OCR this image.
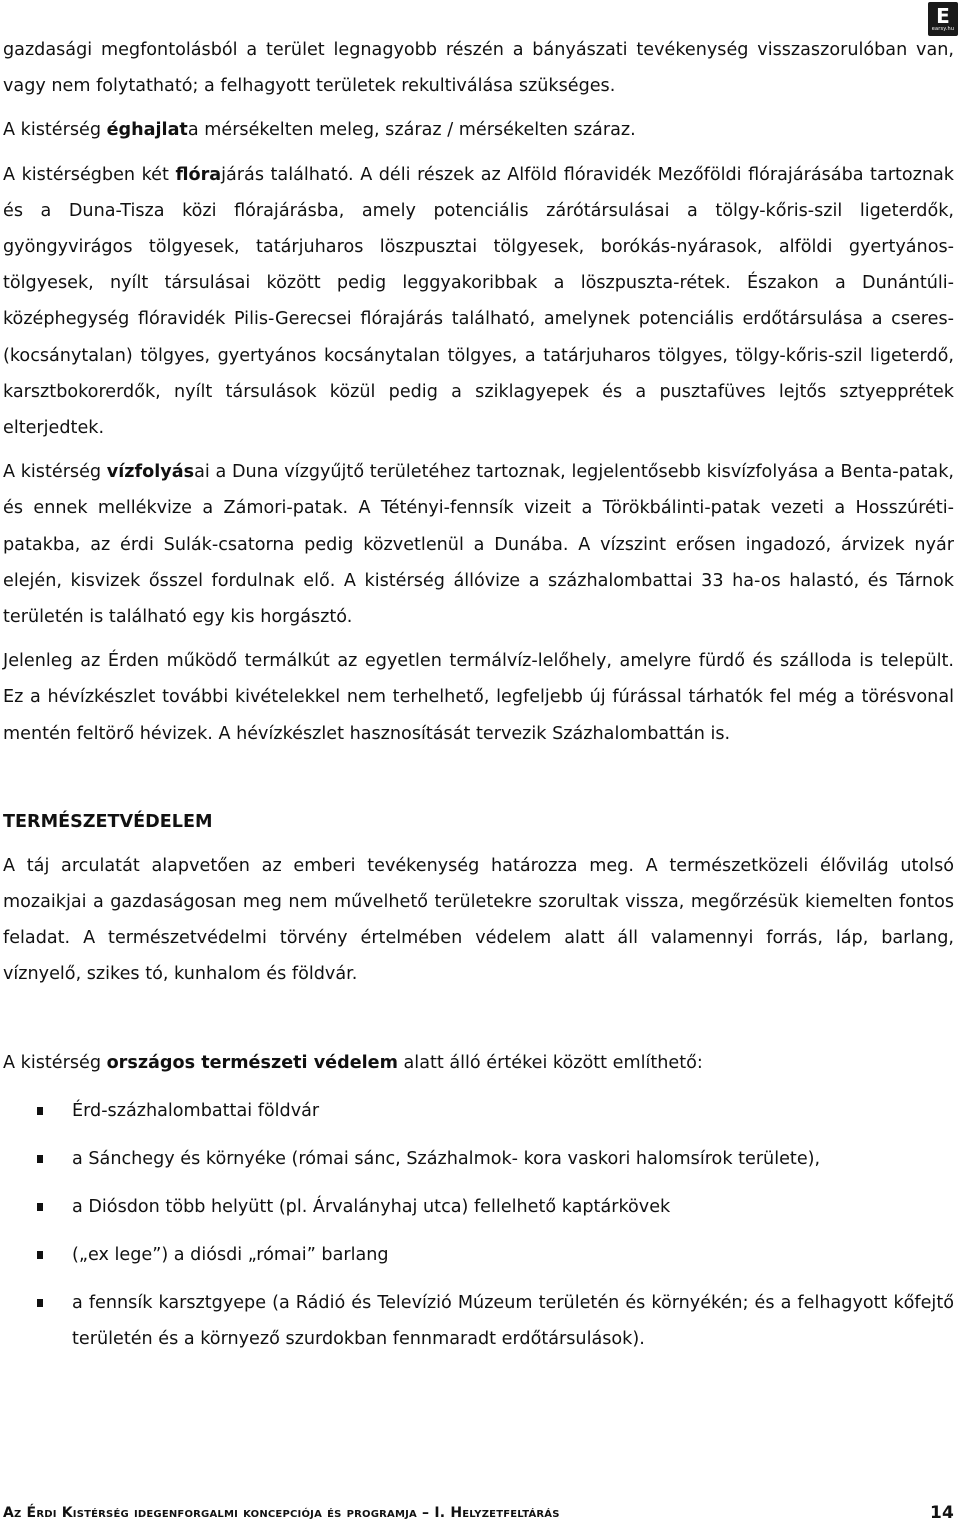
E
earsy.hu

gazdasági megfontolásból a terület legnagyobb részén a bányászati tevékenység visszaszorulóban van, vagy nem folytatható; a felhagyott területek rekultiválása szükséges.

A kistérség éghajlata mérsékelten meleg, száraz / mérsékelten száraz.

A kistérségben két flórajárás található. A déli részek az Alföld flóravidék Mezőföldi flórajárásába tartoznak és a Duna-Tisza közi flórajárásba, amely potenciális zárótársulásai a tölgy-kőris-szil ligeterdők, gyöngyvirágos tölgyesek, tatárjuharos löszpusztai tölgyesek, borókás-nyárasok, alföldi gyertyános-tölgyesek, nyílt társulásai között pedig leggyakoribbak a löszpuszta-rétek. Északon a Dunántúli-középhegység flóravidék Pilis-Gerecsei flórajárás található, amelynek potenciális erdőtársulása a cseres-(kocsánytalan) tölgyes, gyertyános kocsánytalan tölgyes, a tatárjuharos tölgyes, tölgy-kőris-szil ligeterdő, karsztbokorerdők, nyílt társulások közül pedig a sziklagyepek és a pusztafüves lejtős sztyepprétek elterjedtek.

A kistérség vízfolyásai a Duna vízgyűjtő területéhez tartoznak, legjelentősebb kisvízfolyása a Benta-patak, és ennek mellékvize a Zámori-patak. A Tétényi-fennsík vizeit a Törökbálinti-patak vezeti a Hosszúréti-patakba, az érdi Sulák-csatorna pedig közvetlenül a Dunába. A vízszint erősen ingadozó, árvizek nyár elején, kisvizek ősszel fordulnak elő. A kistérség állóvize a százhalombattai 33 ha-os halastó, és Tárnok területén is található egy kis horgásztó.

Jelenleg az Érden működő termálkút az egyetlen termálvíz-lelőhely, amelyre fürdő és szálloda is települt. Ez a hévízkészlet további kivételekkel nem terhelhető, legfeljebb új fúrással tárhatók fel még a törésvonal mentén feltörő hévizek. A hévízkészlet hasznosítását tervezik Százhalombattán is.

TERMÉSZETVÉDELEM

A táj arculatát alapvetően az emberi tevékenység határozza meg. A természetközeli élővilág utolsó mozaikjai a gazdaságosan meg nem művelhető területekre szorultak vissza, megőrzésük kiemelten fontos feladat. A természetvédelmi törvény értelmében védelem alatt áll valamennyi forrás, láp, barlang, víznyelő, szikes tó, kunhalom és földvár.

A kistérség országos természeti védelem alatt álló értékei között említhető:

Érd-százhalombattai földvár
a Sánchegy és környéke (római sánc, Százhalmok- kora vaskori halomsírok területe),
a Diósdon több helyütt (pl. Árvalányhaj utca) fellelhető kaptárkövek
(„ex lege”) a diósdi „római” barlang
a fennsík karsztgyepe (a Rádió és Televízió Múzeum területén és környékén; és a felhagyott kőfejtő területén és a környező szurdokban fennmaradt erdőtársulások).
Az Érdi Kistérség idegenforgalmi koncepciója és programja – I. Helyzetfeltárás	14
